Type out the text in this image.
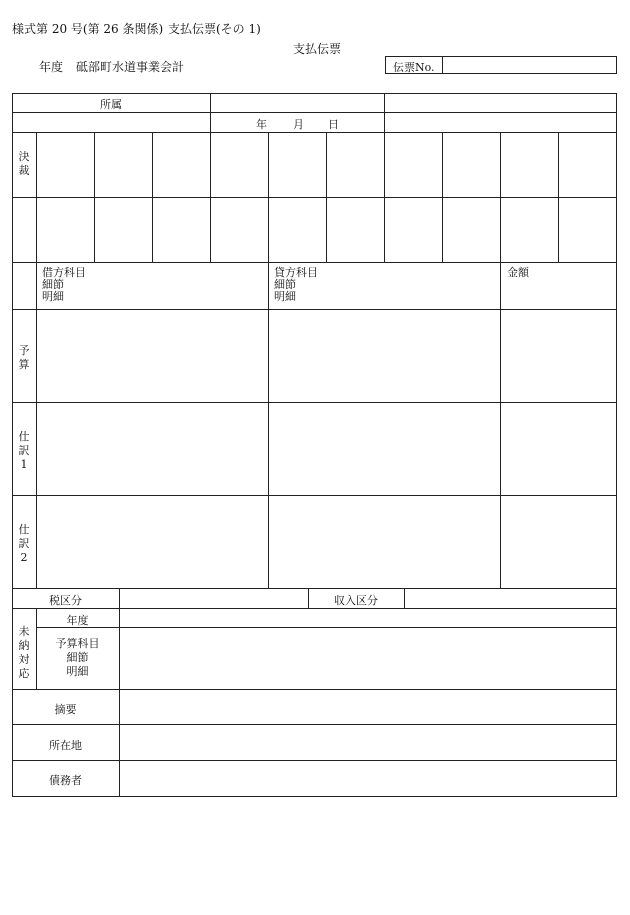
様式第 20 号(第 26 条関係) 支払伝票(その 1)
支払伝票
年度 砥部町水道事業会計	伝票No.
所属
年 月 日
決
裁
借方科目
細節
明細
貸方科目
細節
明細
金額
予
算
仕
訳
1
仕
訳
2
税区分	収入区分
未
納
対
応
年度
予算科目
細節
明細
摘要
所在地
債務者
